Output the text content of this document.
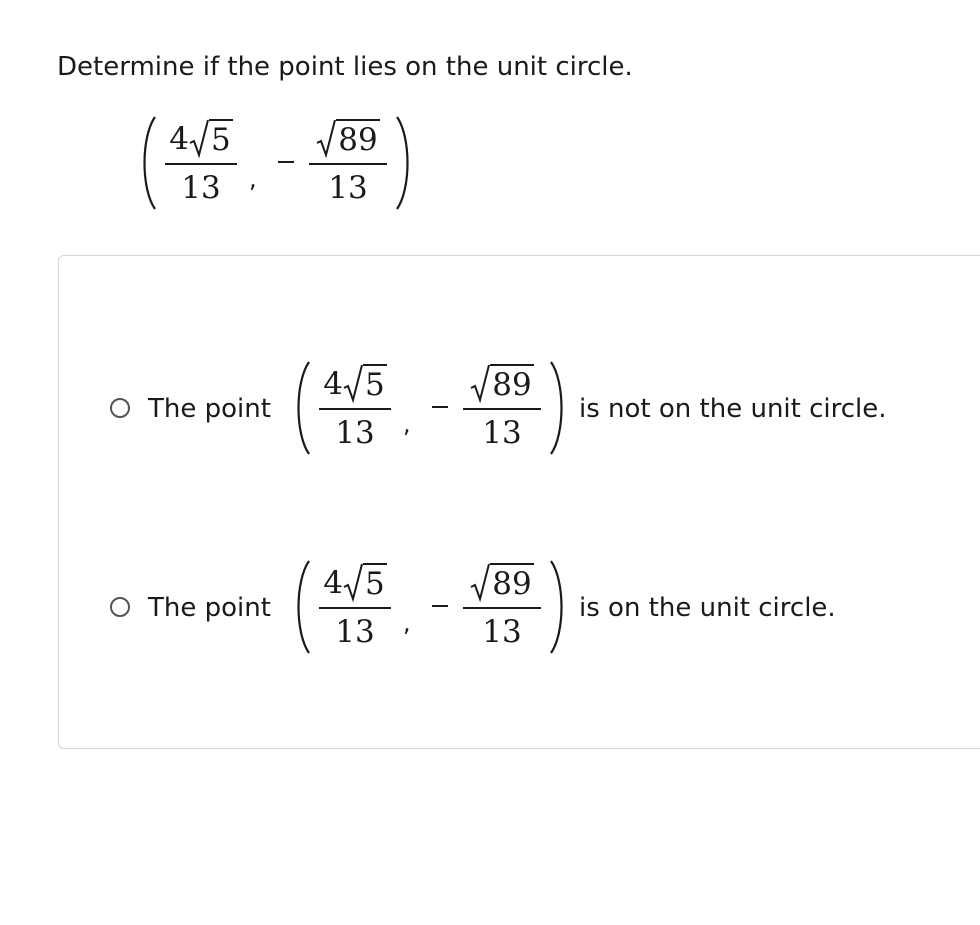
Determine if the point lies on the unit circle.
4 5
13	,
89
13
The point
4 5
13	,
89
13
is not on the unit circle.
The point
4 5
13	,
89
13
is on the unit circle.
